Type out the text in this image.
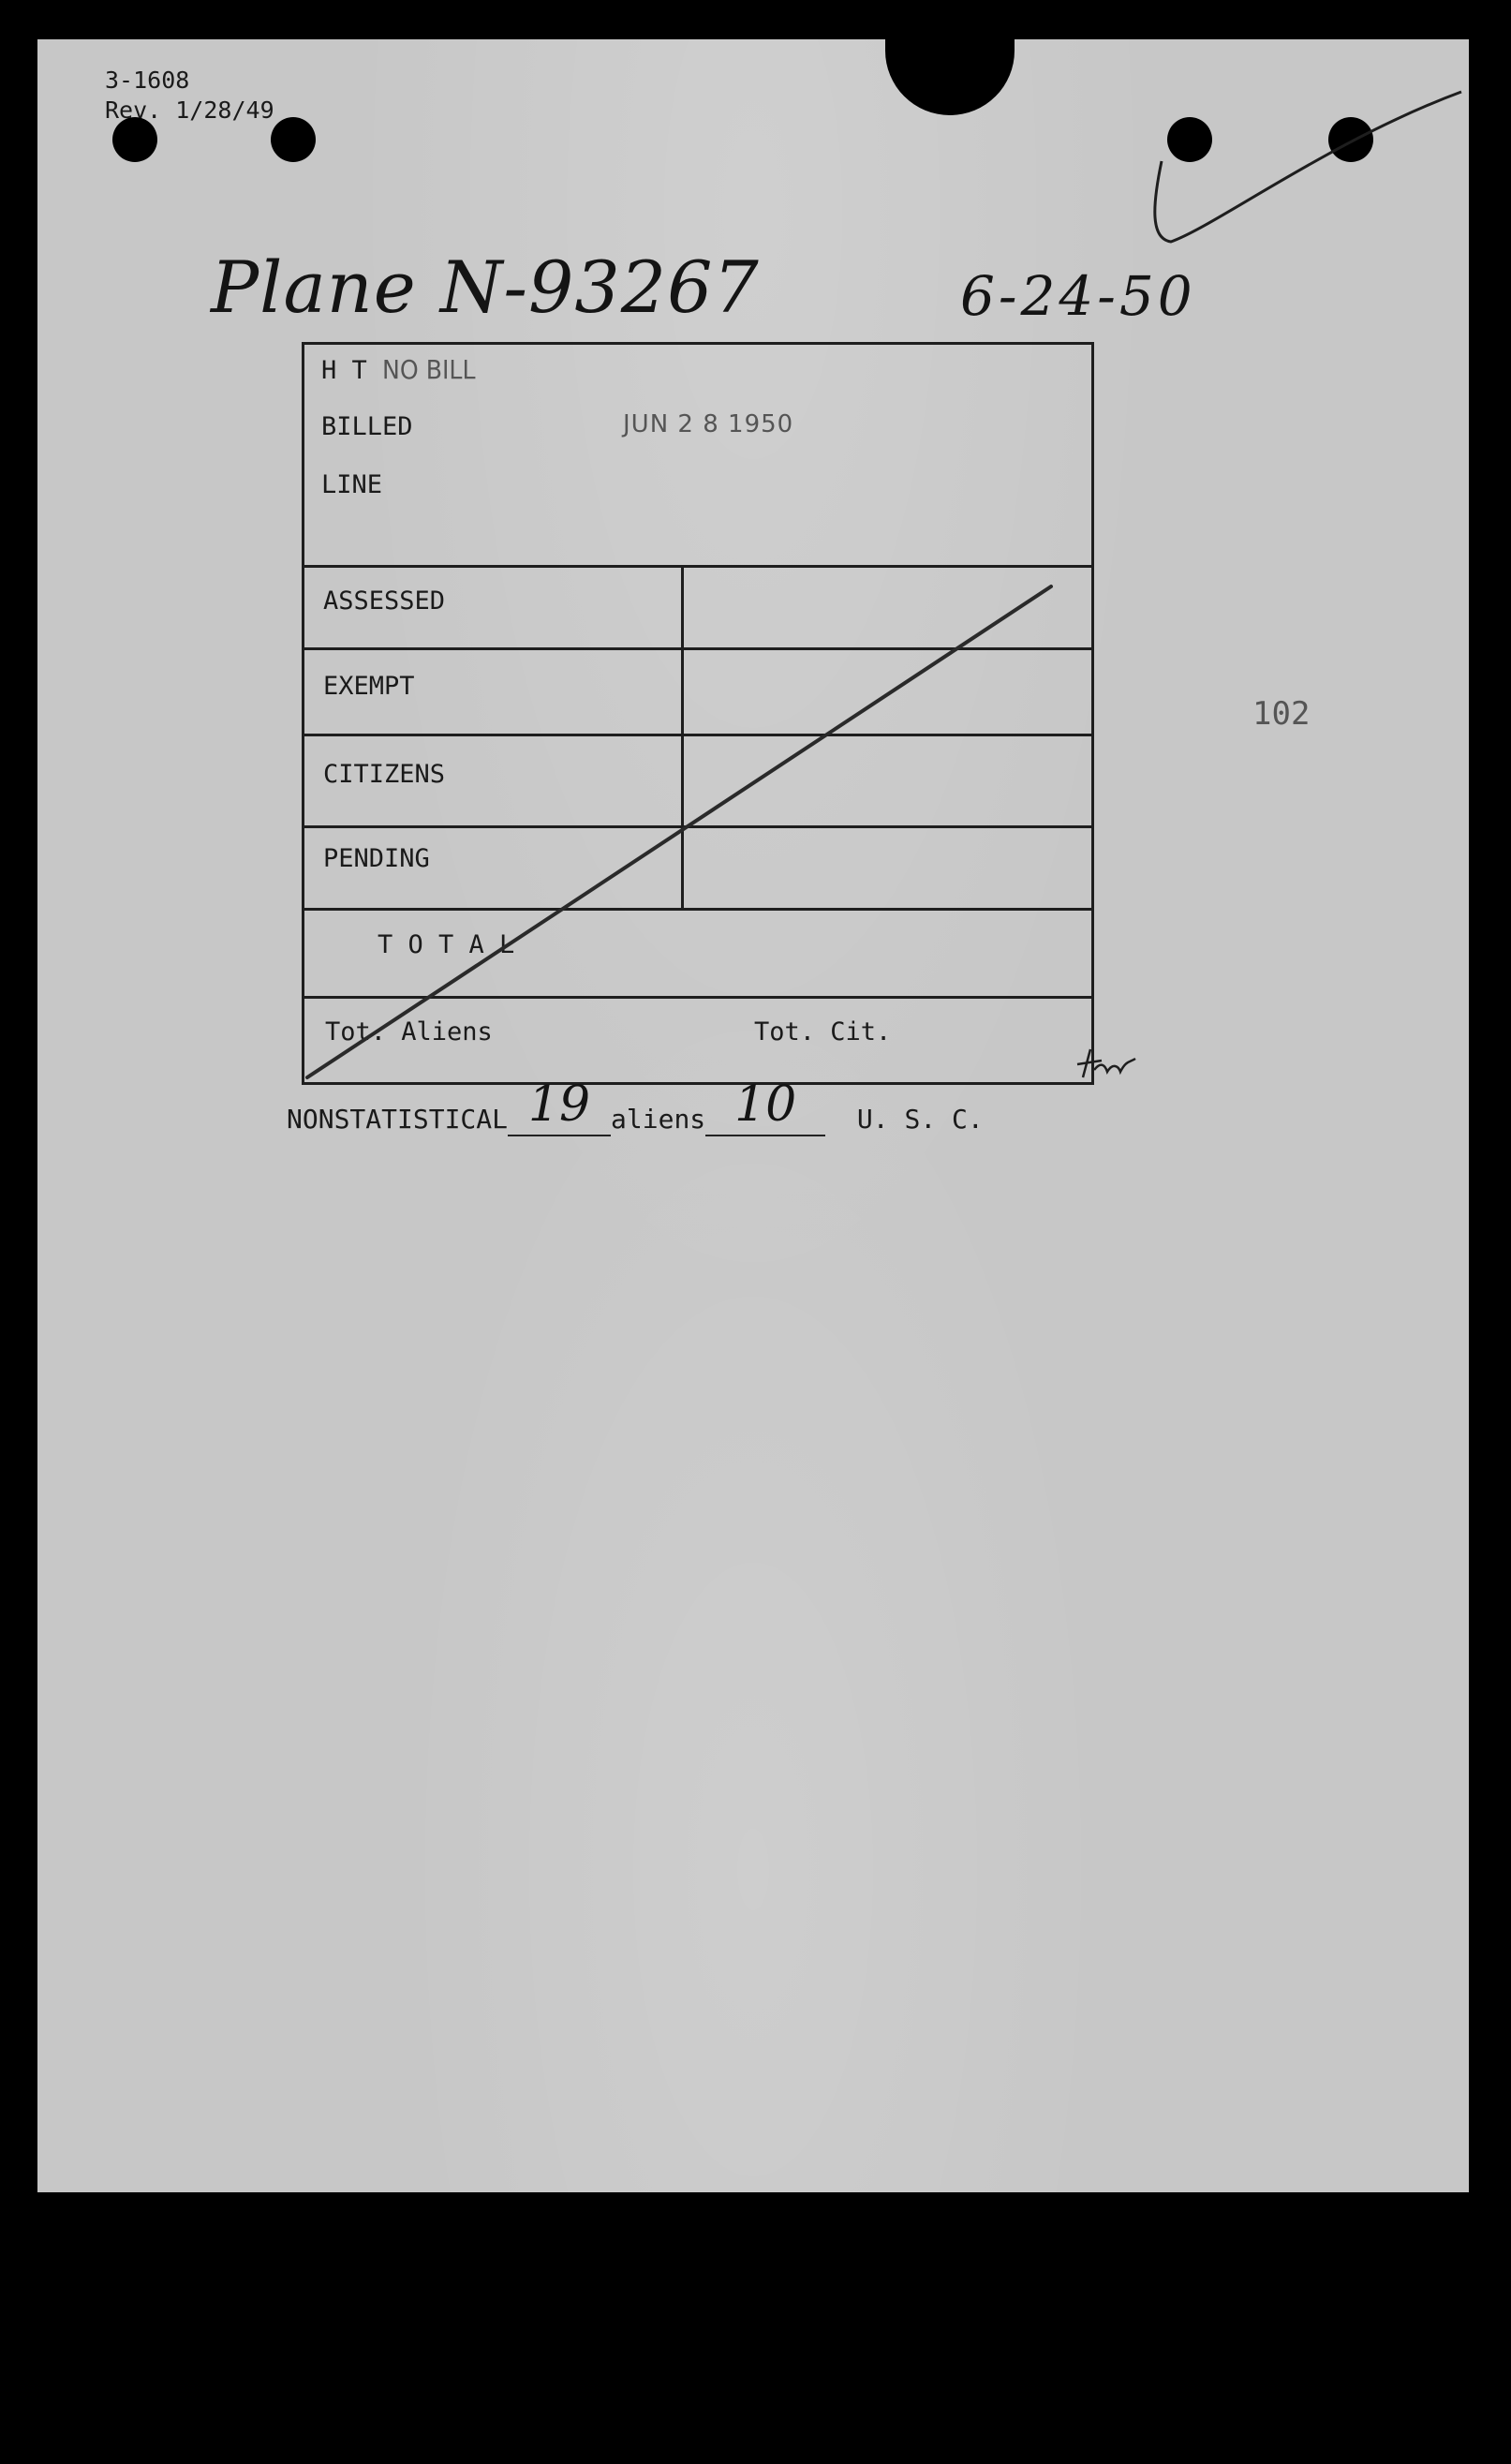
3-1608
Rev. 1/28/49
Plane N-93267	6-24-50
102
H T NO BILL
BILLED	JUN 2 8 1950
LINE
ASSESSED
EXEMPT
CITIZENS
PENDING
T O T A L
Tot. Aliens	Tot. Cit.
NONSTATISTICAL 19 aliens 10 U. S. C.
